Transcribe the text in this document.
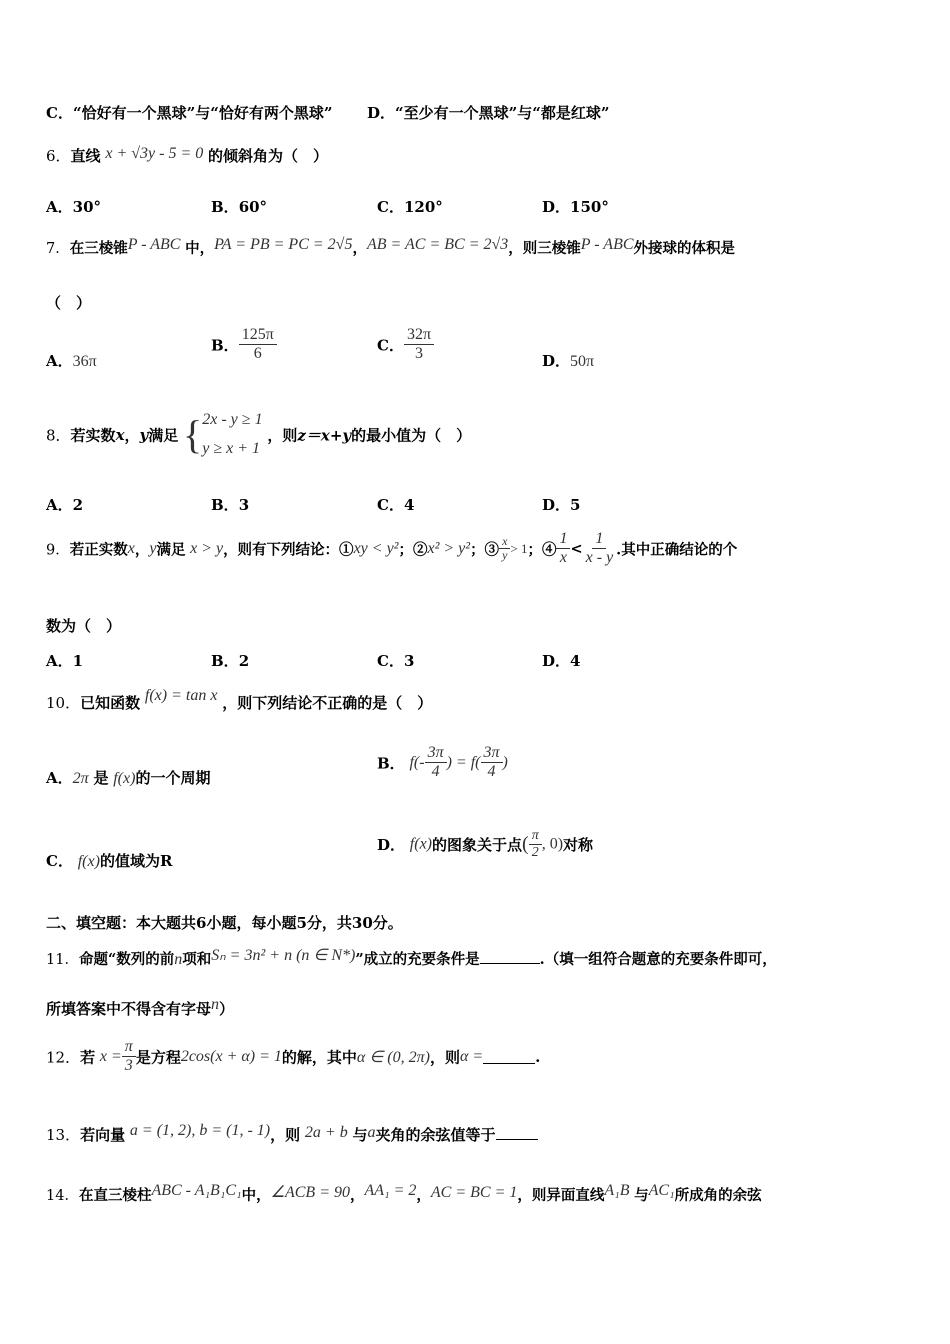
C．“恰好有一个黑球”与“恰好有两个黑球” D．“至少有一个黑球”与“都是红球”
6．直线 x + √3y - 5 = 0 的倾斜角为（　）
A．30°	B．60°	C．120°	D．150°
7．在三棱锥P - ABC 中，PA = PB = PC = 2√5，AB = AC = BC = 2√3，则三棱锥P - ABC外接球的体积是
（　）
A．36π
B． $\frac{125\pi}{6}$	C． $\frac{32\pi}{3}$	D．50π
8．若实数x，y满足 { 2x - y ≥ 1
y ≥ x + 1
，则z＝x+y的最小值为（　）
A．2	B．3	C．4	D．5
9．若正实数x，y满足 x > y，则有下列结论：①xy < y²；②x² > y²；③ $\frac{x}{y} > 1$；④ $\frac{1}{x} < \frac{1}{x - y}$ .其中正确结论的个
数为（　）
A．1	B．2	C．3	D．4
10．已知函数 f(x) = tan x ，则下列结论不正确的是（　）
A．2π 是 f(x)的一个周期
B． $f(- \frac{3\pi}{4}$ ) = $f( \frac{3\pi}{4}$ )
C． f(x)的值域为R
D． f(x)的图象关于点( $\frac{\pi}{2}$ , 0)对称
二、填空题：本大题共6小题，每小题5分，共30分。
11．命题“数列的前n项和Sₙ = 3n² + n (n ∈ N*)”成立的充要条件是	.（填一组符合题意的充要条件即可，
所填答案中不得含有字母n）
12．若 $x = \frac{\pi}{3}$ 是方程2cos(x + α) = 1的解，其中α ∈ (0, 2π)，则α =	.
13．若向量 a = (1, 2), b = (1, - 1)，则 2a + b 与a夹角的余弦值等于
14．在直三棱柱ABC - A₁B₁C₁中，∠ACB = 90，AA₁ = 2，AC = BC = 1，则异面直线A₁B 与AC₁所成角的余弦
